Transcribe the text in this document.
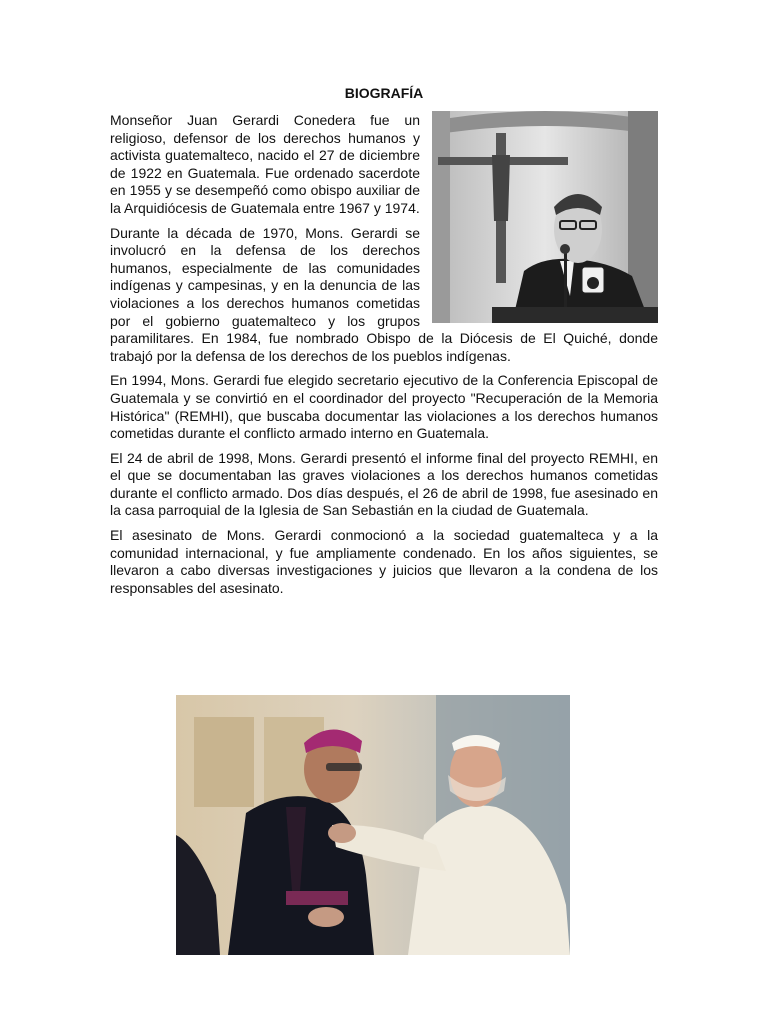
BIOGRAFÍA

Monseñor Juan Gerardi Conedera fue un religioso, defensor de los derechos humanos y activista guatemalteco, nacido el 27 de diciembre de 1922 en Guatemala. Fue ordenado sacerdote en 1955 y se desempeñó como obispo auxiliar de la Arquidiócesis de Guatemala entre 1967 y 1974.

Durante la década de 1970, Mons. Gerardi se involucró en la defensa de los derechos humanos, especialmente de las comunidades indígenas y campesinas, y en la denuncia de las violaciones a los derechos humanos cometidas por el gobierno guatemalteco y los grupos paramilitares. En 1984, fue nombrado Obispo de la Diócesis de El Quiché, donde trabajó por la defensa de los derechos de los pueblos indígenas.

En 1994, Mons. Gerardi fue elegido secretario ejecutivo de la Conferencia Episcopal de Guatemala y se convirtió en el coordinador del proyecto "Recuperación de la Memoria Histórica" (REMHI), que buscaba documentar las violaciones a los derechos humanos cometidas durante el conflicto armado interno en Guatemala.

El 24 de abril de 1998, Mons. Gerardi presentó el informe final del proyecto REMHI, en el que se documentaban las graves violaciones a los derechos humanos cometidas durante el conflicto armado. Dos días después, el 26 de abril de 1998, fue asesinado en la casa parroquial de la Iglesia de San Sebastián en la ciudad de Guatemala.

El asesinato de Mons. Gerardi conmocionó a la sociedad guatemalteca y a la comunidad internacional, y fue ampliamente condenado. En los años siguientes, se llevaron a cabo diversas investigaciones y juicios que llevaron a la condena de los responsables del asesinato.
